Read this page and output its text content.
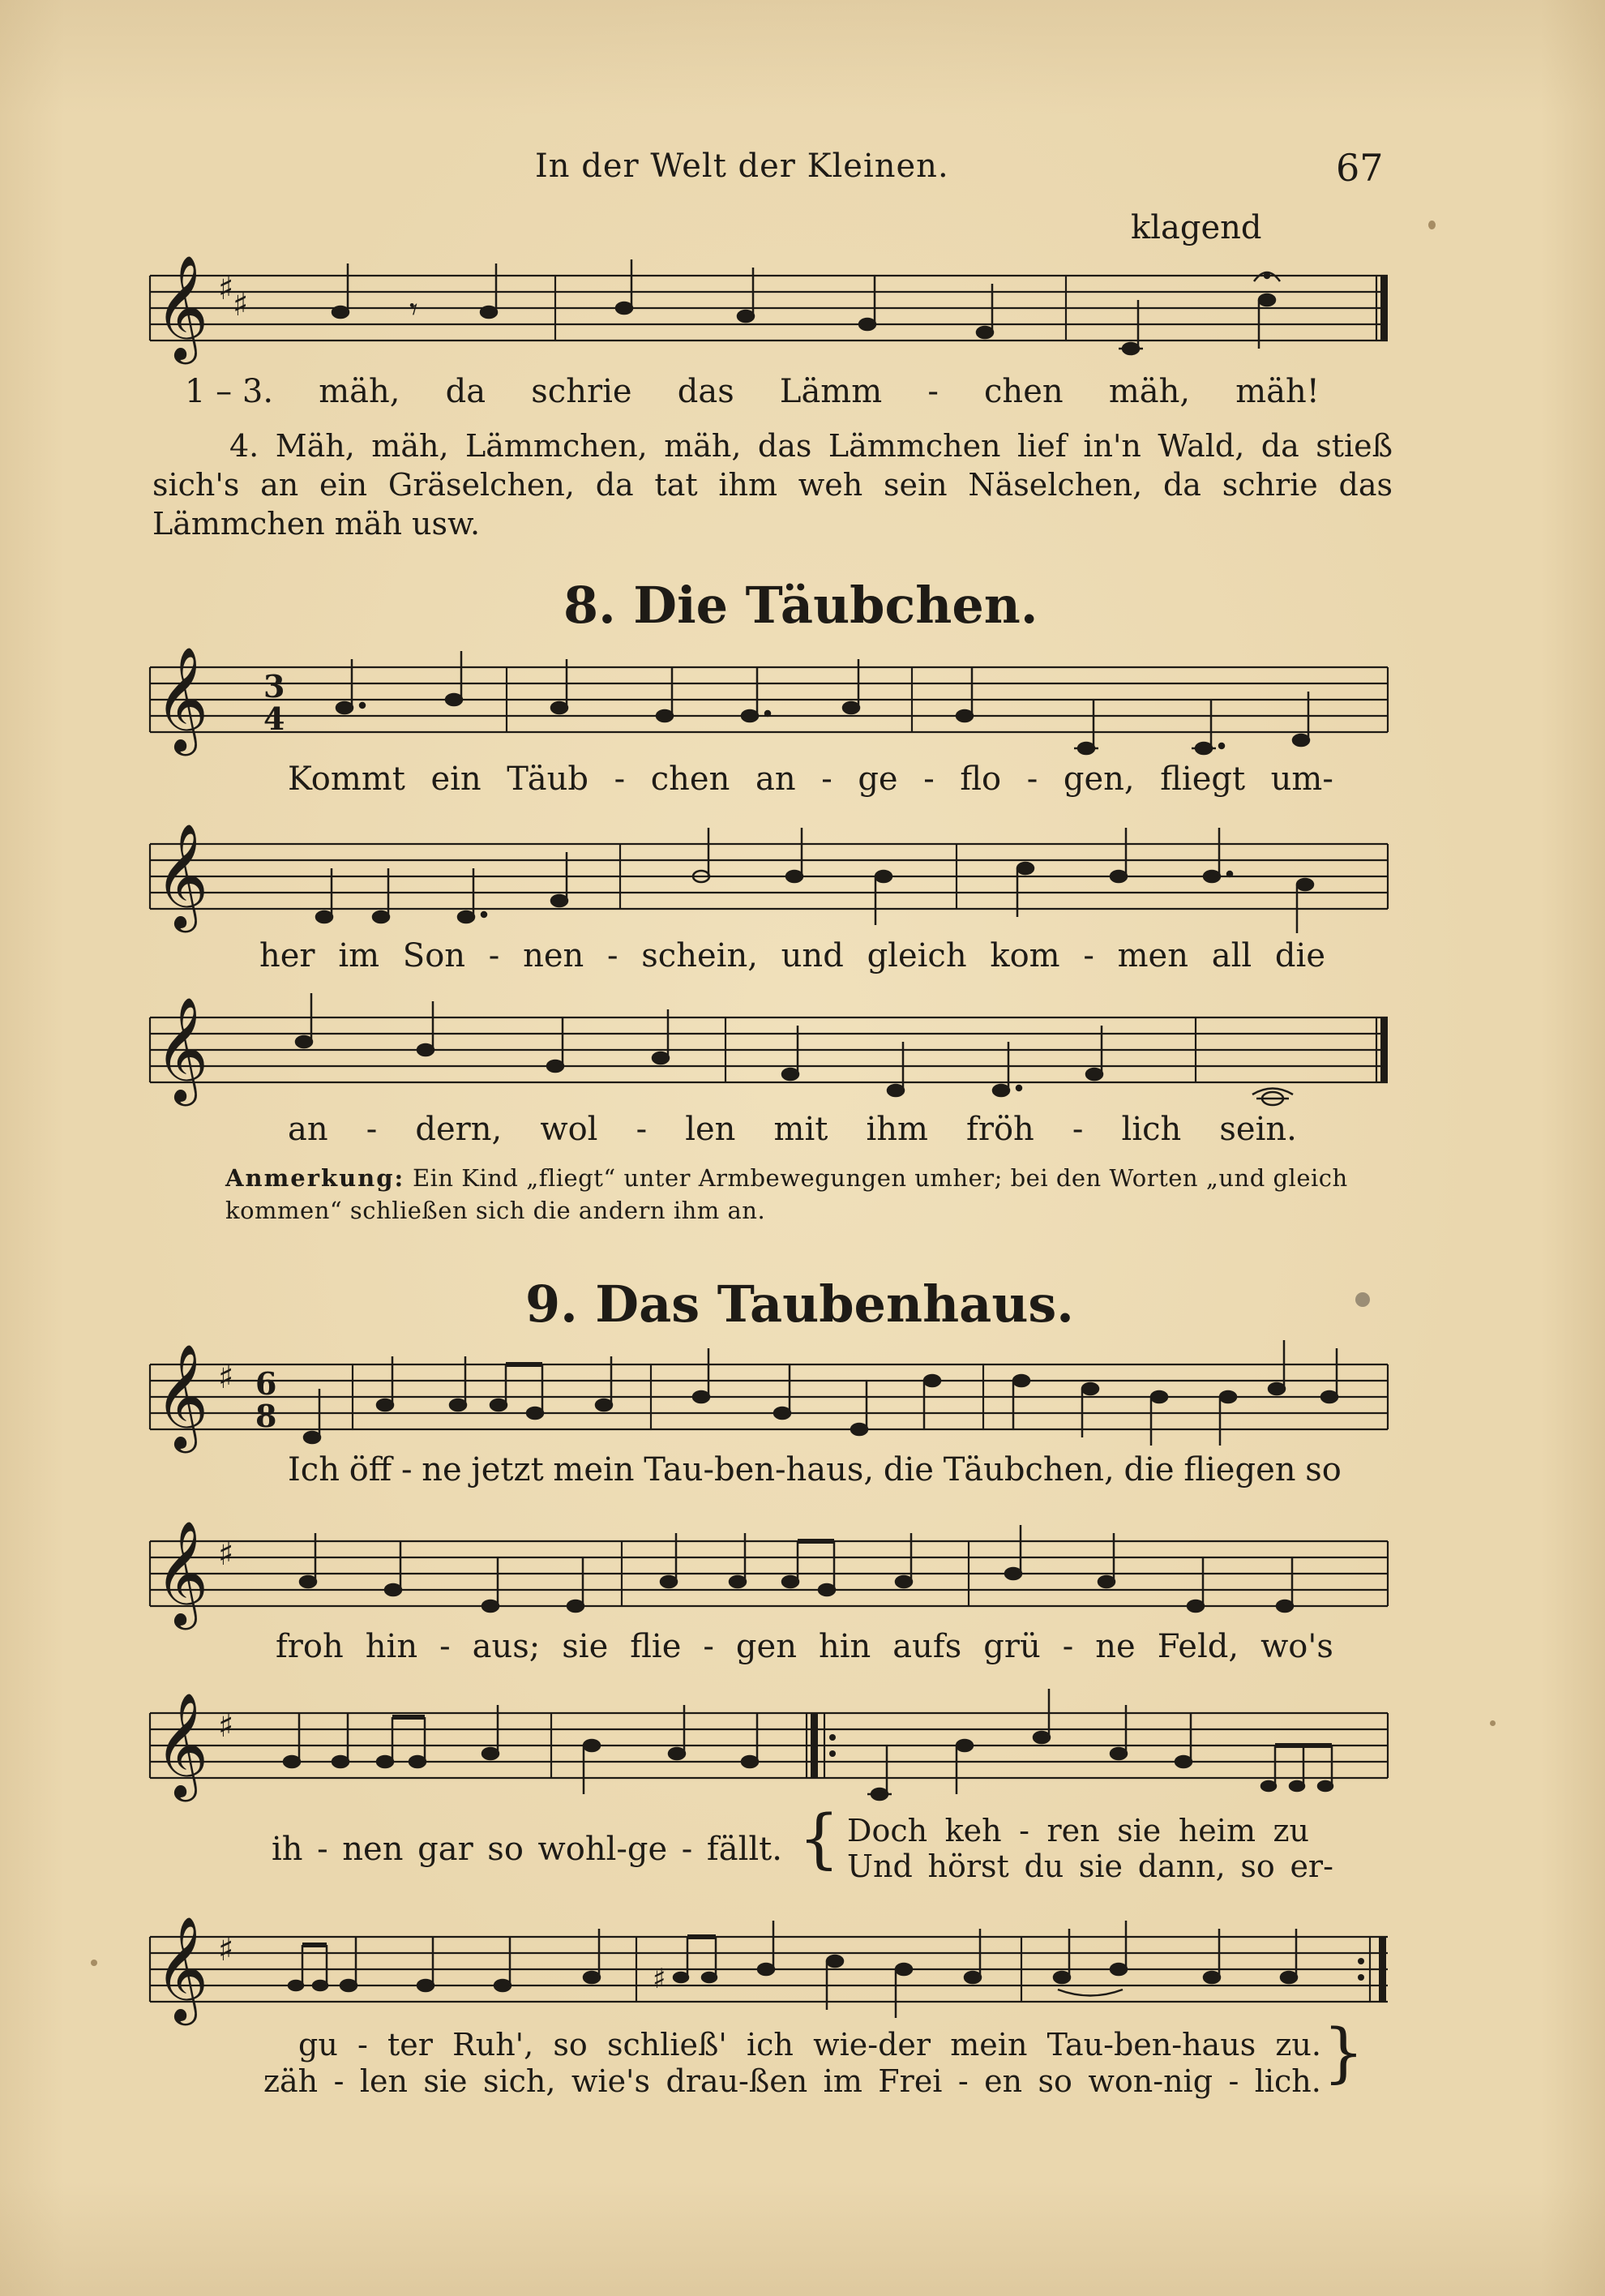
In der Welt der Kleinen.	67
klagend
𝄞 ♯
♯	𝄾
1 – 3. mäh, da schrie das Lämm - chen mäh, mäh!
4. Mäh, mäh, Lämmchen, mäh, das Lämmchen lief in'n Wald, da stieß sich's an ein Gräselchen, da tat ihm weh sein Näselchen, da schrie das Lämmchen mäh usw.
8. Die Täubchen.
𝄞 3
4
Kommt ein Täub - chen an - ge - flo - gen, fliegt um-
𝄞
her im Son - nen - schein, und gleich kom - men all die
𝄞
an - dern, wol - len mit ihm fröh - lich sein.
Anmerkung: Ein Kind „fliegt“ unter Armbewegungen umher; bei den Worten „und gleich kommen“ schließen sich die andern ihm an.
9. Das Taubenhaus.
𝄞 ♯ 6
8
Ich öff - ne jetzt mein Tau-ben-haus, die Täubchen, die fliegen so
𝄞 ♯
froh hin - aus; sie flie - gen hin aufs grü - ne Feld, wo's
𝄞 ♯
ih - nen gar so wohl-ge - fällt. { Doch keh - ren sie heim zu
Und hörst du sie dann, so er-
𝄞 ♯
♯
gu - ter Ruh', so schließ' ich wie-der mein Tau-ben-haus zu.
zäh - len sie sich, wie's drau-ßen im Frei - en so won-nig - lich. }
